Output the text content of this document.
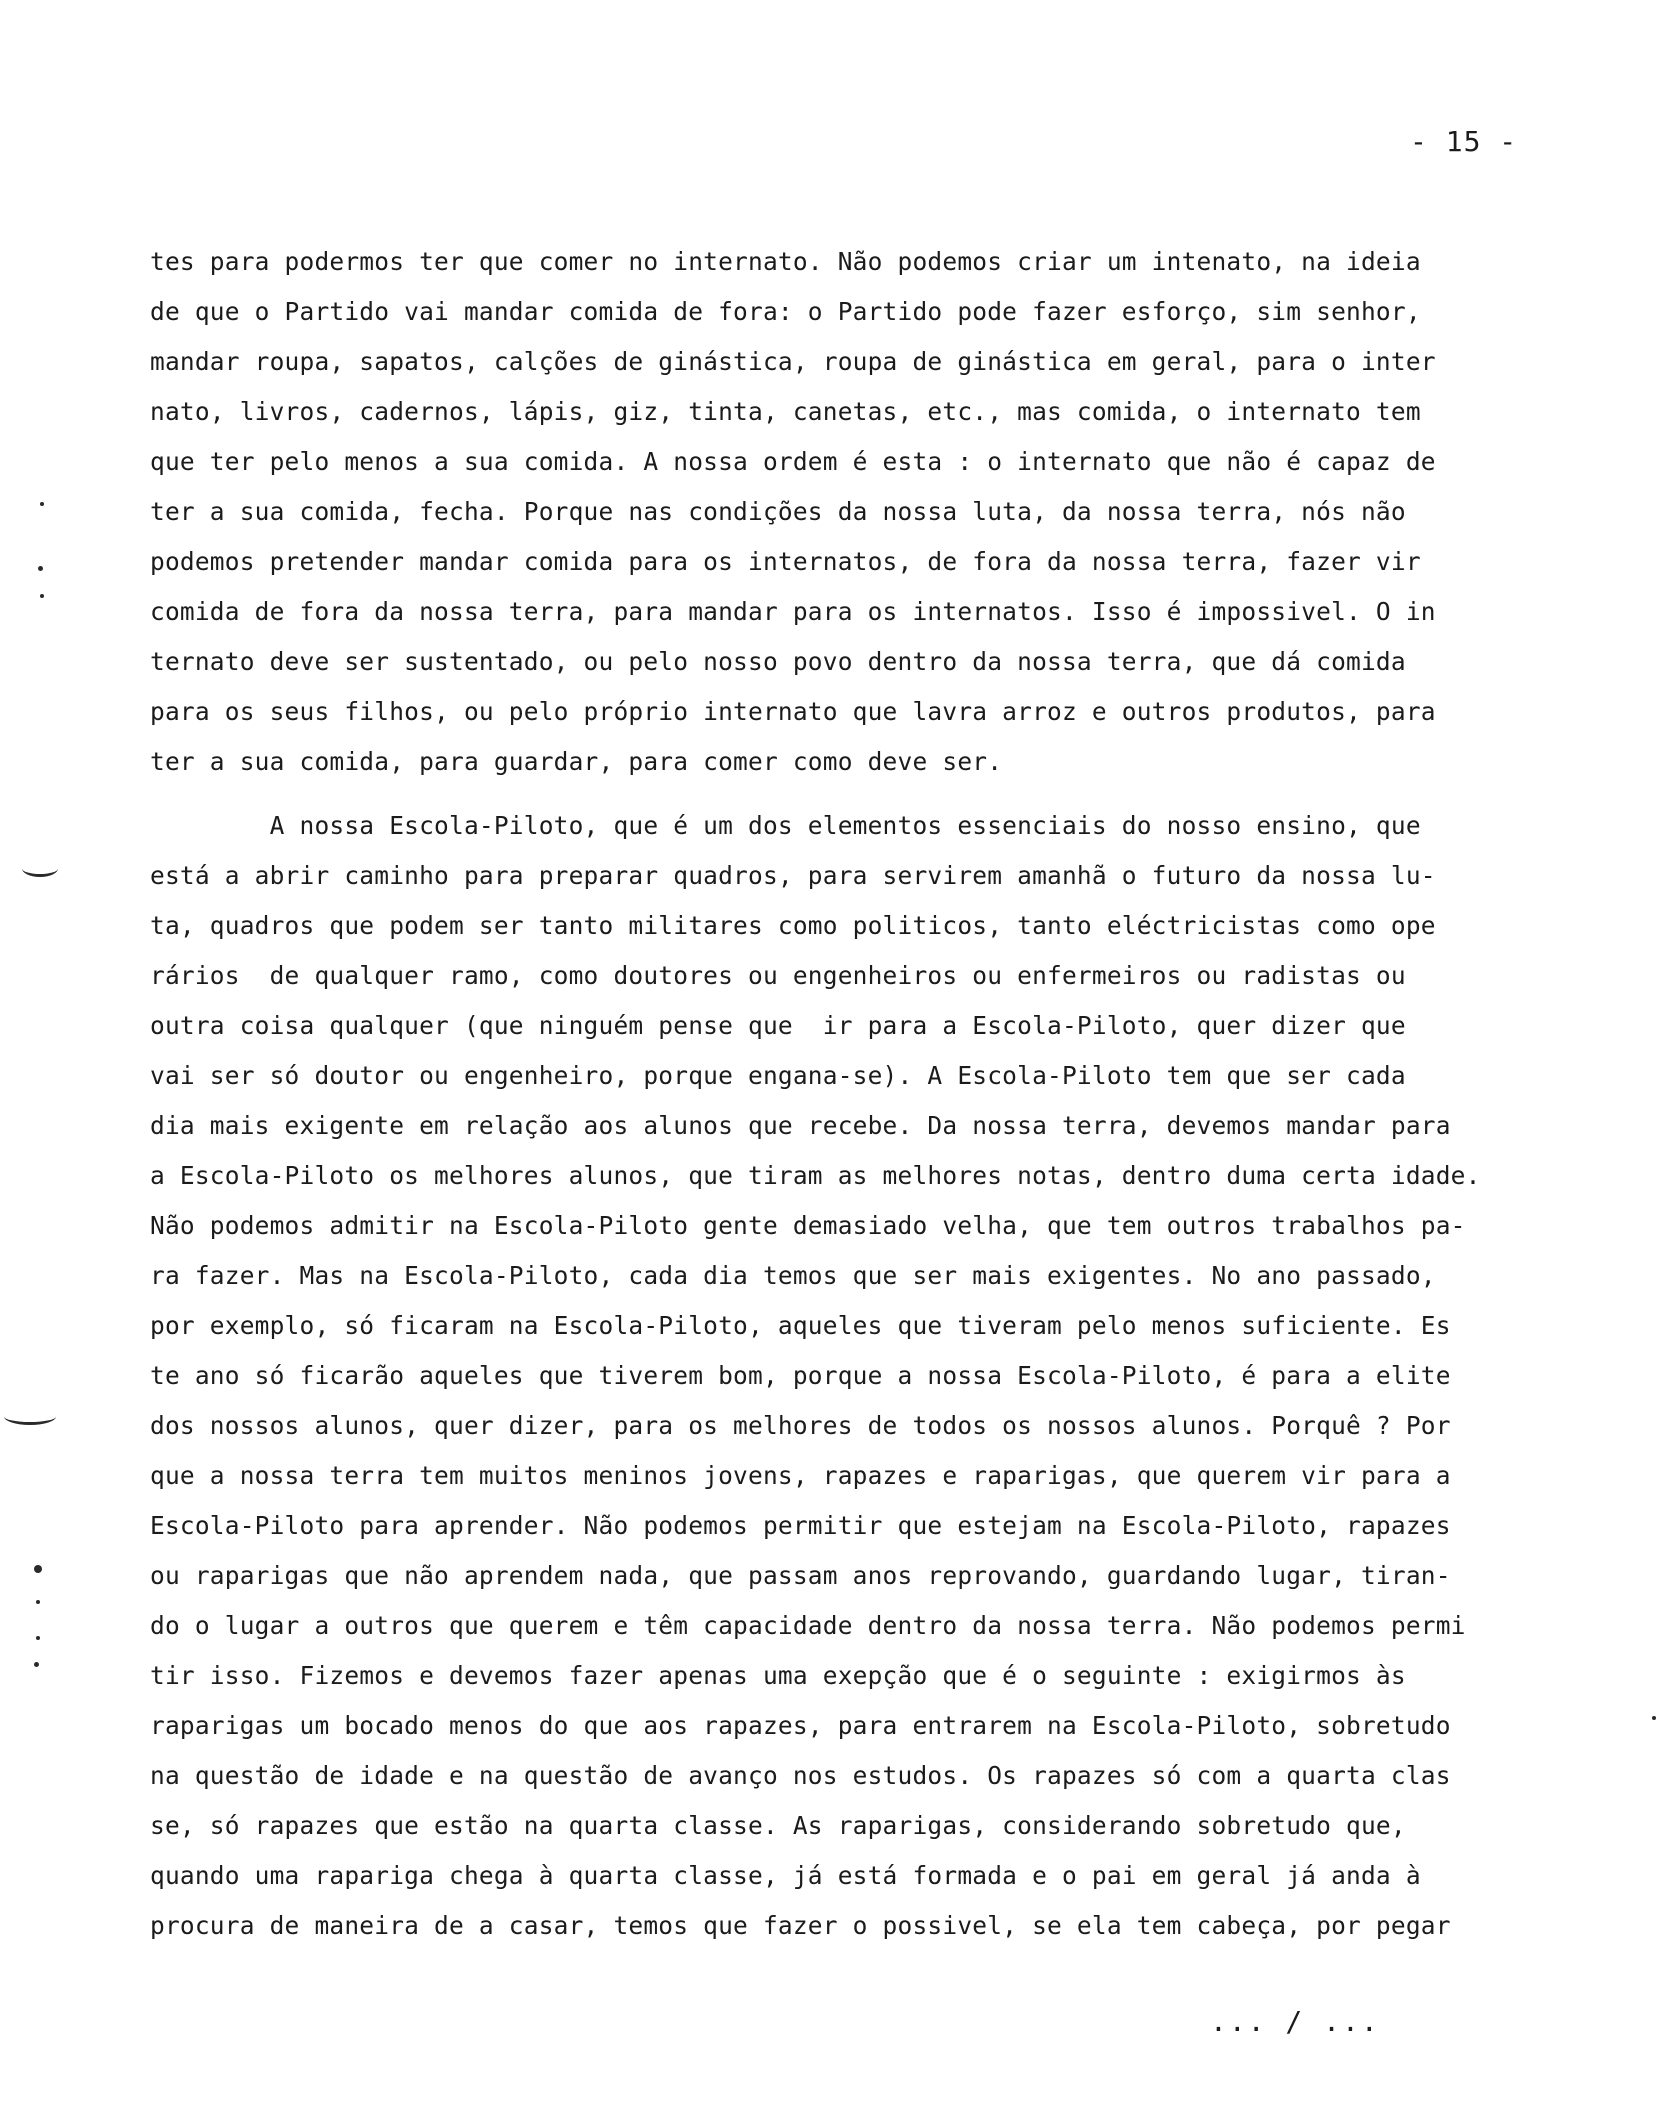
- 15 -
tes para podermos ter que comer no internato. Não podemos criar um intenato, na ideia
de que o Partido vai mandar comida de fora: o Partido pode fazer esforço, sim senhor,
mandar roupa, sapatos, calções de ginástica, roupa de ginástica em geral, para o inter
nato, livros, cadernos, lápis, giz, tinta, canetas, etc., mas comida, o internato tem
que ter pelo menos a sua comida. A nossa ordem é esta : o internato que não é capaz de
ter a sua comida, fecha. Porque nas condições da nossa luta, da nossa terra, nós não
podemos pretender mandar comida para os internatos, de fora da nossa terra, fazer vir
comida de fora da nossa terra, para mandar para os internatos. Isso é impossivel. O in
ternato deve ser sustentado, ou pelo nosso povo dentro da nossa terra, que dá comida
para os seus filhos, ou pelo próprio internato que lavra arroz e outros produtos, para
ter a sua comida, para guardar, para comer como deve ser.
A nossa Escola-Piloto, que é um dos elementos essenciais do nosso ensino, que
está a abrir caminho para preparar quadros, para servirem amanhã o futuro da nossa lu-
ta, quadros que podem ser tanto militares como politicos, tanto eléctricistas como ope
rários  de qualquer ramo, como doutores ou engenheiros ou enfermeiros ou radistas ou
outra coisa qualquer (que ninguém pense que  ir para a Escola-Piloto, quer dizer que
vai ser só doutor ou engenheiro, porque engana-se). A Escola-Piloto tem que ser cada
dia mais exigente em relação aos alunos que recebe. Da nossa terra, devemos mandar para
a Escola-Piloto os melhores alunos, que tiram as melhores notas, dentro duma certa idade.
Não podemos admitir na Escola-Piloto gente demasiado velha, que tem outros trabalhos pa-
ra fazer. Mas na Escola-Piloto, cada dia temos que ser mais exigentes. No ano passado,
por exemplo, só ficaram na Escola-Piloto, aqueles que tiveram pelo menos suficiente. Es
te ano só ficarão aqueles que tiverem bom, porque a nossa Escola-Piloto, é para a elite
dos nossos alunos, quer dizer, para os melhores de todos os nossos alunos. Porquê ? Por
que a nossa terra tem muitos meninos jovens, rapazes e raparigas, que querem vir para a
Escola-Piloto para aprender. Não podemos permitir que estejam na Escola-Piloto, rapazes
ou raparigas que não aprendem nada, que passam anos reprovando, guardando lugar, tiran-
do o lugar a outros que querem e têm capacidade dentro da nossa terra. Não podemos permi
tir isso. Fizemos e devemos fazer apenas uma exepção que é o seguinte : exigirmos às
raparigas um bocado menos do que aos rapazes, para entrarem na Escola-Piloto, sobretudo
na questão de idade e na questão de avanço nos estudos. Os rapazes só com a quarta clas
se, só rapazes que estão na quarta classe. As raparigas, considerando sobretudo que,
quando uma rapariga chega à quarta classe, já está formada e o pai em geral já anda à
procura de maneira de a casar, temos que fazer o possivel, se ela tem cabeça, por pegar
... / ...
